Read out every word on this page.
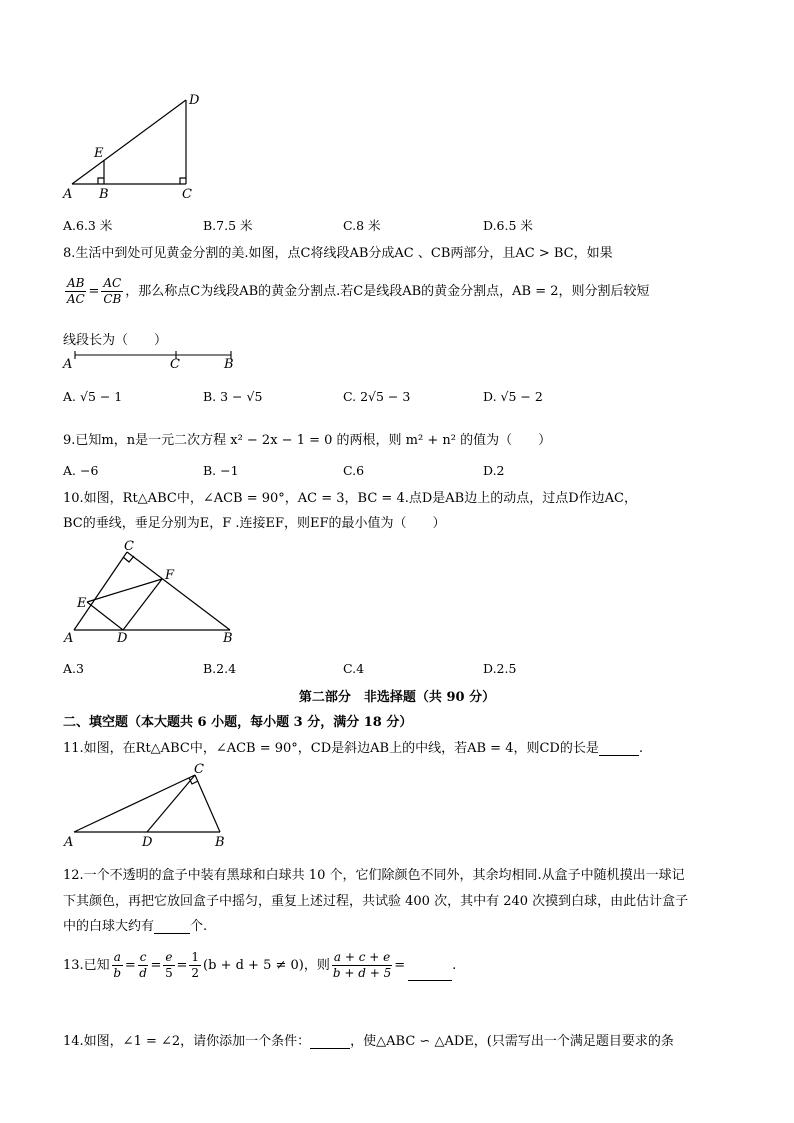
D
E
A B	C
A.6.3 米	B.7.5 米	C.8 米	D.6.5 米
8.生活中到处可见黄金分割的美.如图，点C将线段AB分成AC 、CB两部分，且AC > BC，如果
$\frac{AB}{AC} = \frac{AC}{CB}$ ，那么称点C为线段AB的黄金分割点.若C是线段AB的黄金分割点，AB = 2，则分割后较短
线段长为（　　）
A	C	B
A. √5 − 1	B. 3 − √5	C. 2√5 − 3	D. √5 − 2
9.已知m，n是一元二次方程 x² − 2x − 1 = 0 的两根，则 m² + n² 的值为（　　）
A. −6	B. −1	C.6	D.2
10.如图，Rt△ABC中，∠ACB = 90°，AC = 3，BC = 4.点D是AB边上的动点，过点D作边AC，
BC的垂线，垂足分别为E，F .连接EF，则EF的最小值为（　　）
C
F
E
A	D	B
A.3	B.2.4	C.4	D.2.5
第二部分　非选择题（共 90 分）
二、填空题（本大题共 6 小题，每小题 3 分，满分 18 分）
11.如图，在Rt△ABC中，∠ACB = 90°，CD是斜边AB上的中线，若AB = 4，则CD的长是	.
C
A	D	B
12.一个不透明的盒子中装有黑球和白球共 10 个，它们除颜色不同外，其余均相同.从盒子中随机摸出一球记
下其颜色，再把它放回盒子中摇匀，重复上述过程，共试验 400 次，其中有 240 次摸到白球，由此估计盒子
中的白球大约有	个.
13.已知 $\frac{a}{b} = \frac{c}{d} = \frac{e}{5} = \frac{1}{2} (b + d + 5 \ne 0)$，则 $\frac{a + c + e}{b + d + 5}$ =	.
14.如图，∠1 = ∠2，请你添加一个条件：	，使△ABC ∽ △ADE，(只需写出一个满足题目要求的条
